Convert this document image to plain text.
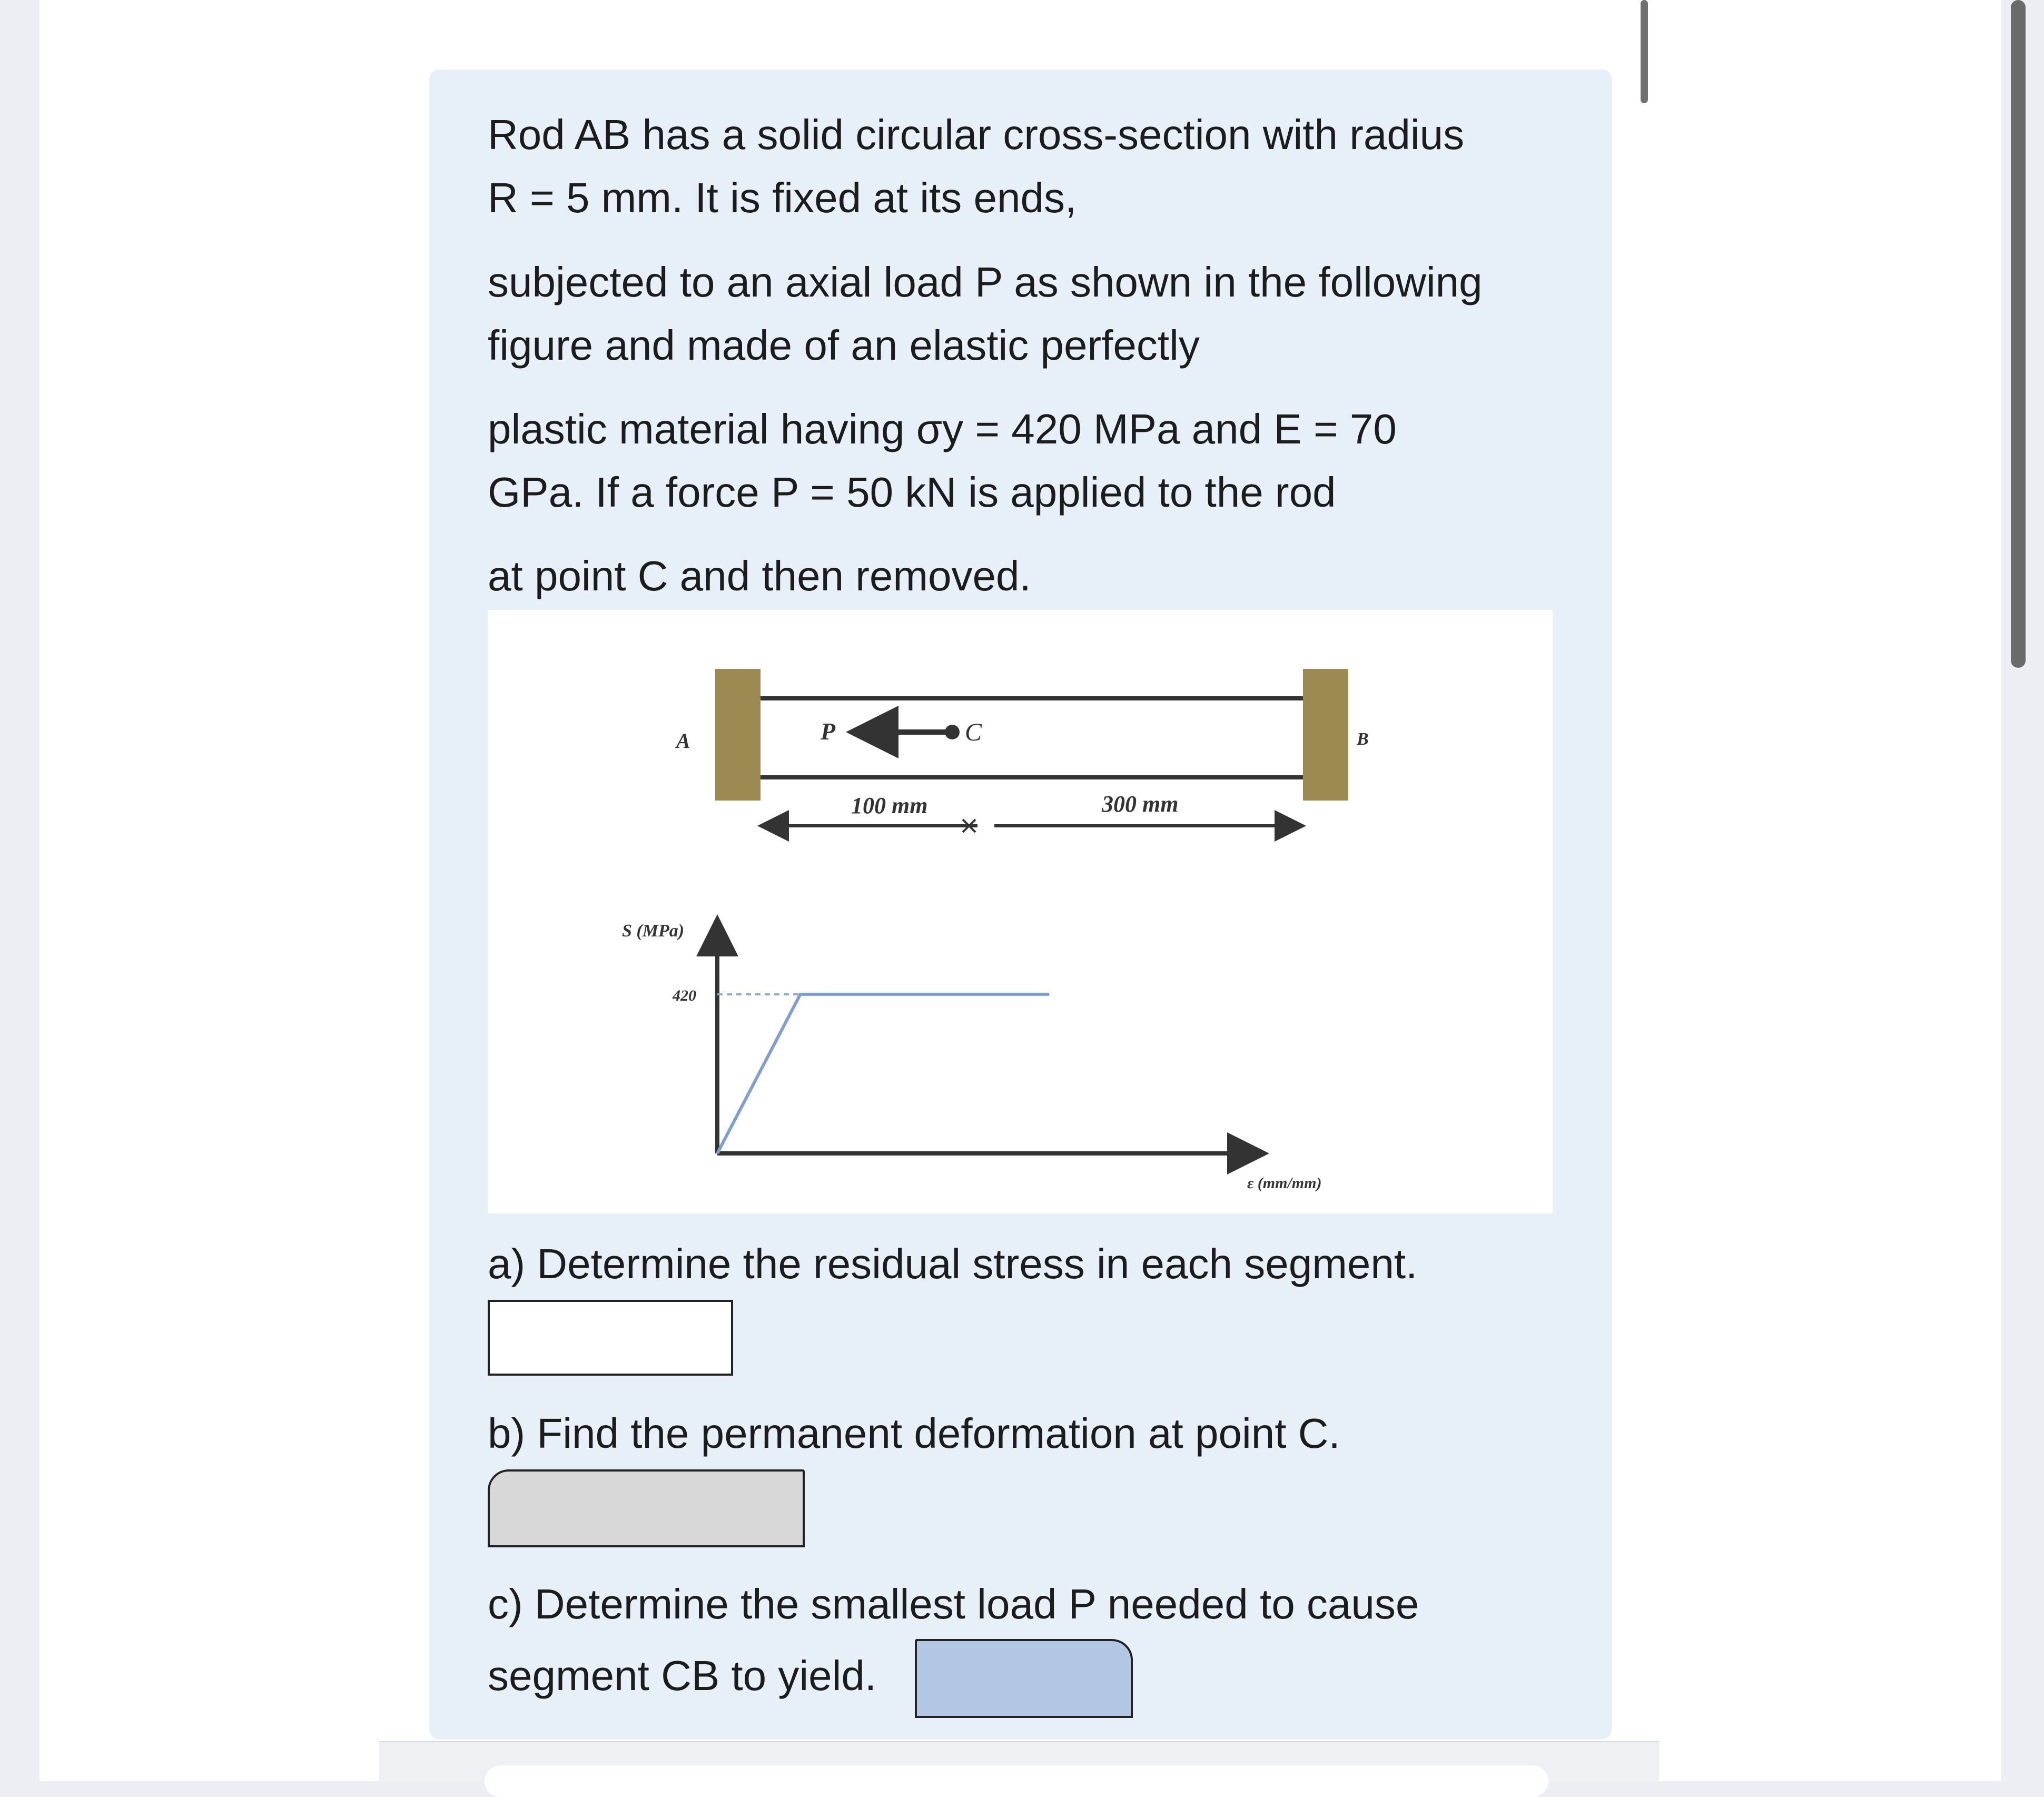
Rod AB has a solid circular cross-section with radius
R = 5 mm. It is fixed at its ends,

subjected to an axial load P as shown in the following
figure and made of an elastic perfectly

plastic material having σy = 420 MPa and E = 70
GPa. If a force P = 50 kN is applied to the rod

at point C and then removed.

A	B
P	C
100 mm	300 mm
420
S (MPa)
ε (mm/mm)

a) Determine the residual stress in each segment.

b) Find the permanent deformation at point C.

c) Determine the smallest load P needed to cause

segment CB to yield.
